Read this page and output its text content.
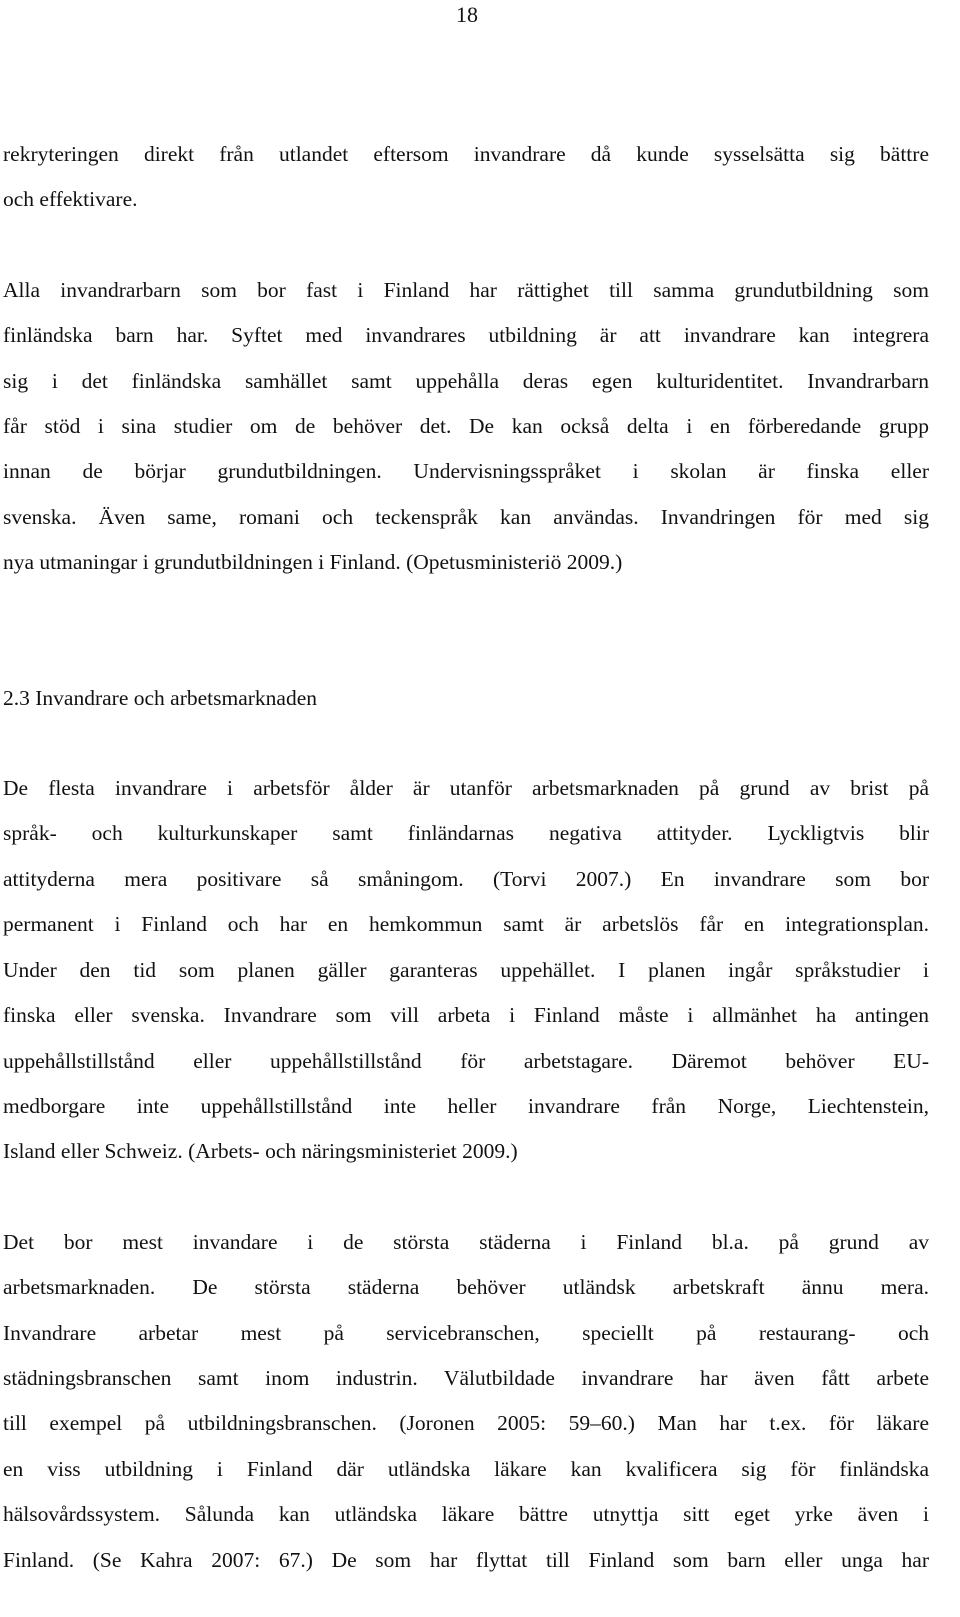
18

rekryteringen direkt från utlandet eftersom invandrare då kunde sysselsätta sig bättre
och effektivare.

Alla invandrarbarn som bor fast i Finland har rättighet till samma grundutbildning som
finländska barn har. Syftet med invandrares utbildning är att invandrare kan integrera
sig i det finländska samhället samt uppehålla deras egen kulturidentitet. Invandrarbarn
får stöd i sina studier om de behöver det. De kan också delta i en förberedande grupp
innan de börjar grundutbildningen. Undervisningsspråket i skolan är finska eller
svenska. Även same, romani och teckenspråk kan användas. Invandringen för med sig
nya utmaningar i grundutbildningen i Finland. (Opetusministeriö 2009.)

2.3 Invandrare och arbetsmarknaden

De flesta invandrare i arbetsför ålder är utanför arbetsmarknaden på grund av brist på
språk- och kulturkunskaper samt finländarnas negativa attityder. Lyckligtvis blir
attityderna mera positivare så småningom. (Torvi 2007.) En invandrare som bor
permanent i Finland och har en hemkommun samt är arbetslös får en integrationsplan.
Under den tid som planen gäller garanteras uppehället. I planen ingår språkstudier i
finska eller svenska. Invandrare som vill arbeta i Finland måste i allmänhet ha antingen
uppehållstillstånd eller uppehållstillstånd för arbetstagare. Däremot behöver EU-
medborgare inte uppehållstillstånd inte heller invandrare från Norge, Liechtenstein,
Island eller Schweiz. (Arbets- och näringsministeriet 2009.)

Det bor mest invandare i de största städerna i Finland bl.a. på grund av
arbetsmarknaden. De största städerna behöver utländsk arbetskraft ännu mera.
Invandrare arbetar mest på servicebranschen, speciellt på restaurang- och
städningsbranschen samt inom industrin. Välutbildade invandrare har även fått arbete
till exempel på utbildningsbranschen. (Joronen 2005: 59–60.) Man har t.ex. för läkare
en viss utbildning i Finland där utländska läkare kan kvalificera sig för finländska
hälsovårdssystem. Sålunda kan utländska läkare bättre utnyttja sitt eget yrke även i
Finland. (Se Kahra 2007: 67.) De som har flyttat till Finland som barn eller unga har
